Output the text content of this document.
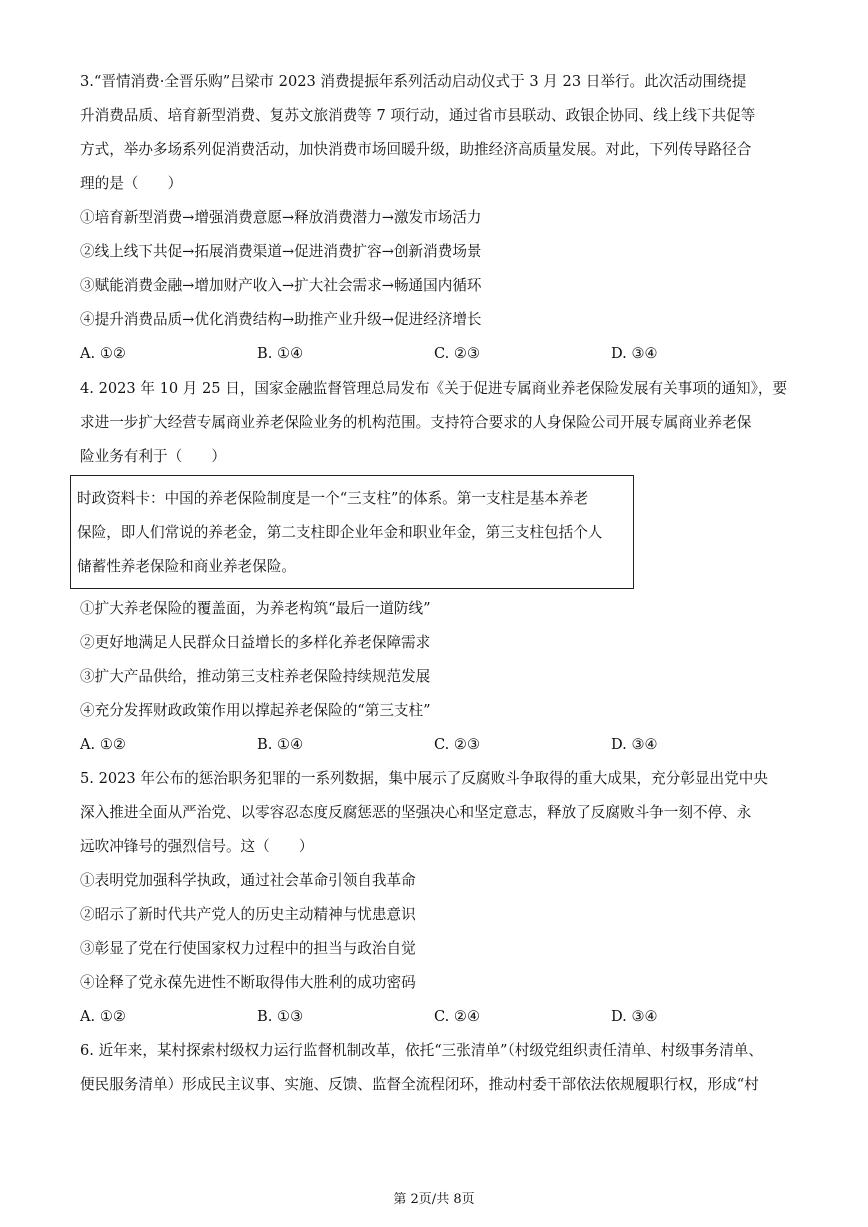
3.“晋情消费·全晋乐购”吕梁市 2023 消费提振年系列活动启动仪式于 3 月 23 日举行。此次活动围绕提
升消费品质、培育新型消费、复苏文旅消费等 7 项行动，通过省市县联动、政银企协同、线上线下共促等
方式，举办多场系列促消费活动，加快消费市场回暖升级，助推经济高质量发展。对此，下列传导路径合
理的是（　　）
①培育新型消费→增强消费意愿→释放消费潜力→激发市场活力
②线上线下共促→拓展消费渠道→促进消费扩容→创新消费场景
③赋能消费金融→增加财产收入→扩大社会需求→畅通国内循环
④提升消费品质→优化消费结构→助推产业升级→促进经济增长
A. ①②	B. ①④	C. ②③	D. ③④
4. 2023 年 10 月 25 日，国家金融监督管理总局发布《关于促进专属商业养老保险发展有关事项的通知》，要
求进一步扩大经营专属商业养老保险业务的机构范围。支持符合要求的人身保险公司开展专属商业养老保
险业务有利于（　　）
时政资料卡：中国的养老保险制度是一个“三支柱”的体系。第一支柱是基本养老
保险，即人们常说的养老金，第二支柱即企业年金和职业年金，第三支柱包括个人
储蓄性养老保险和商业养老保险。
①扩大养老保险的覆盖面，为养老构筑“最后一道防线”
②更好地满足人民群众日益增长的多样化养老保障需求
③扩大产品供给，推动第三支柱养老保险持续规范发展
④充分发挥财政政策作用以撑起养老保险的“第三支柱”
A. ①②	B. ①④	C. ②③	D. ③④
5. 2023 年公布的惩治职务犯罪的一系列数据，集中展示了反腐败斗争取得的重大成果，充分彰显出党中央
深入推进全面从严治党、以零容忍态度反腐惩恶的坚强决心和坚定意志，释放了反腐败斗争一刻不停、永
远吹冲锋号的强烈信号。这（　　）
①表明党加强科学执政，通过社会革命引领自我革命
②昭示了新时代共产党人的历史主动精神与忧患意识
③彰显了党在行使国家权力过程中的担当与政治自觉
④诠释了党永葆先进性不断取得伟大胜利的成功密码
A. ①②	B. ①③	C. ②④	D. ③④
6. 近年来，某村探索村级权力运行监督机制改革，依托“三张清单”（村级党组织责任清单、村级事务清单、
便民服务清单）形成民主议事、实施、反馈、监督全流程闭环，推动村委干部依法依规履职行权，形成“村
第 2页/共 8页
